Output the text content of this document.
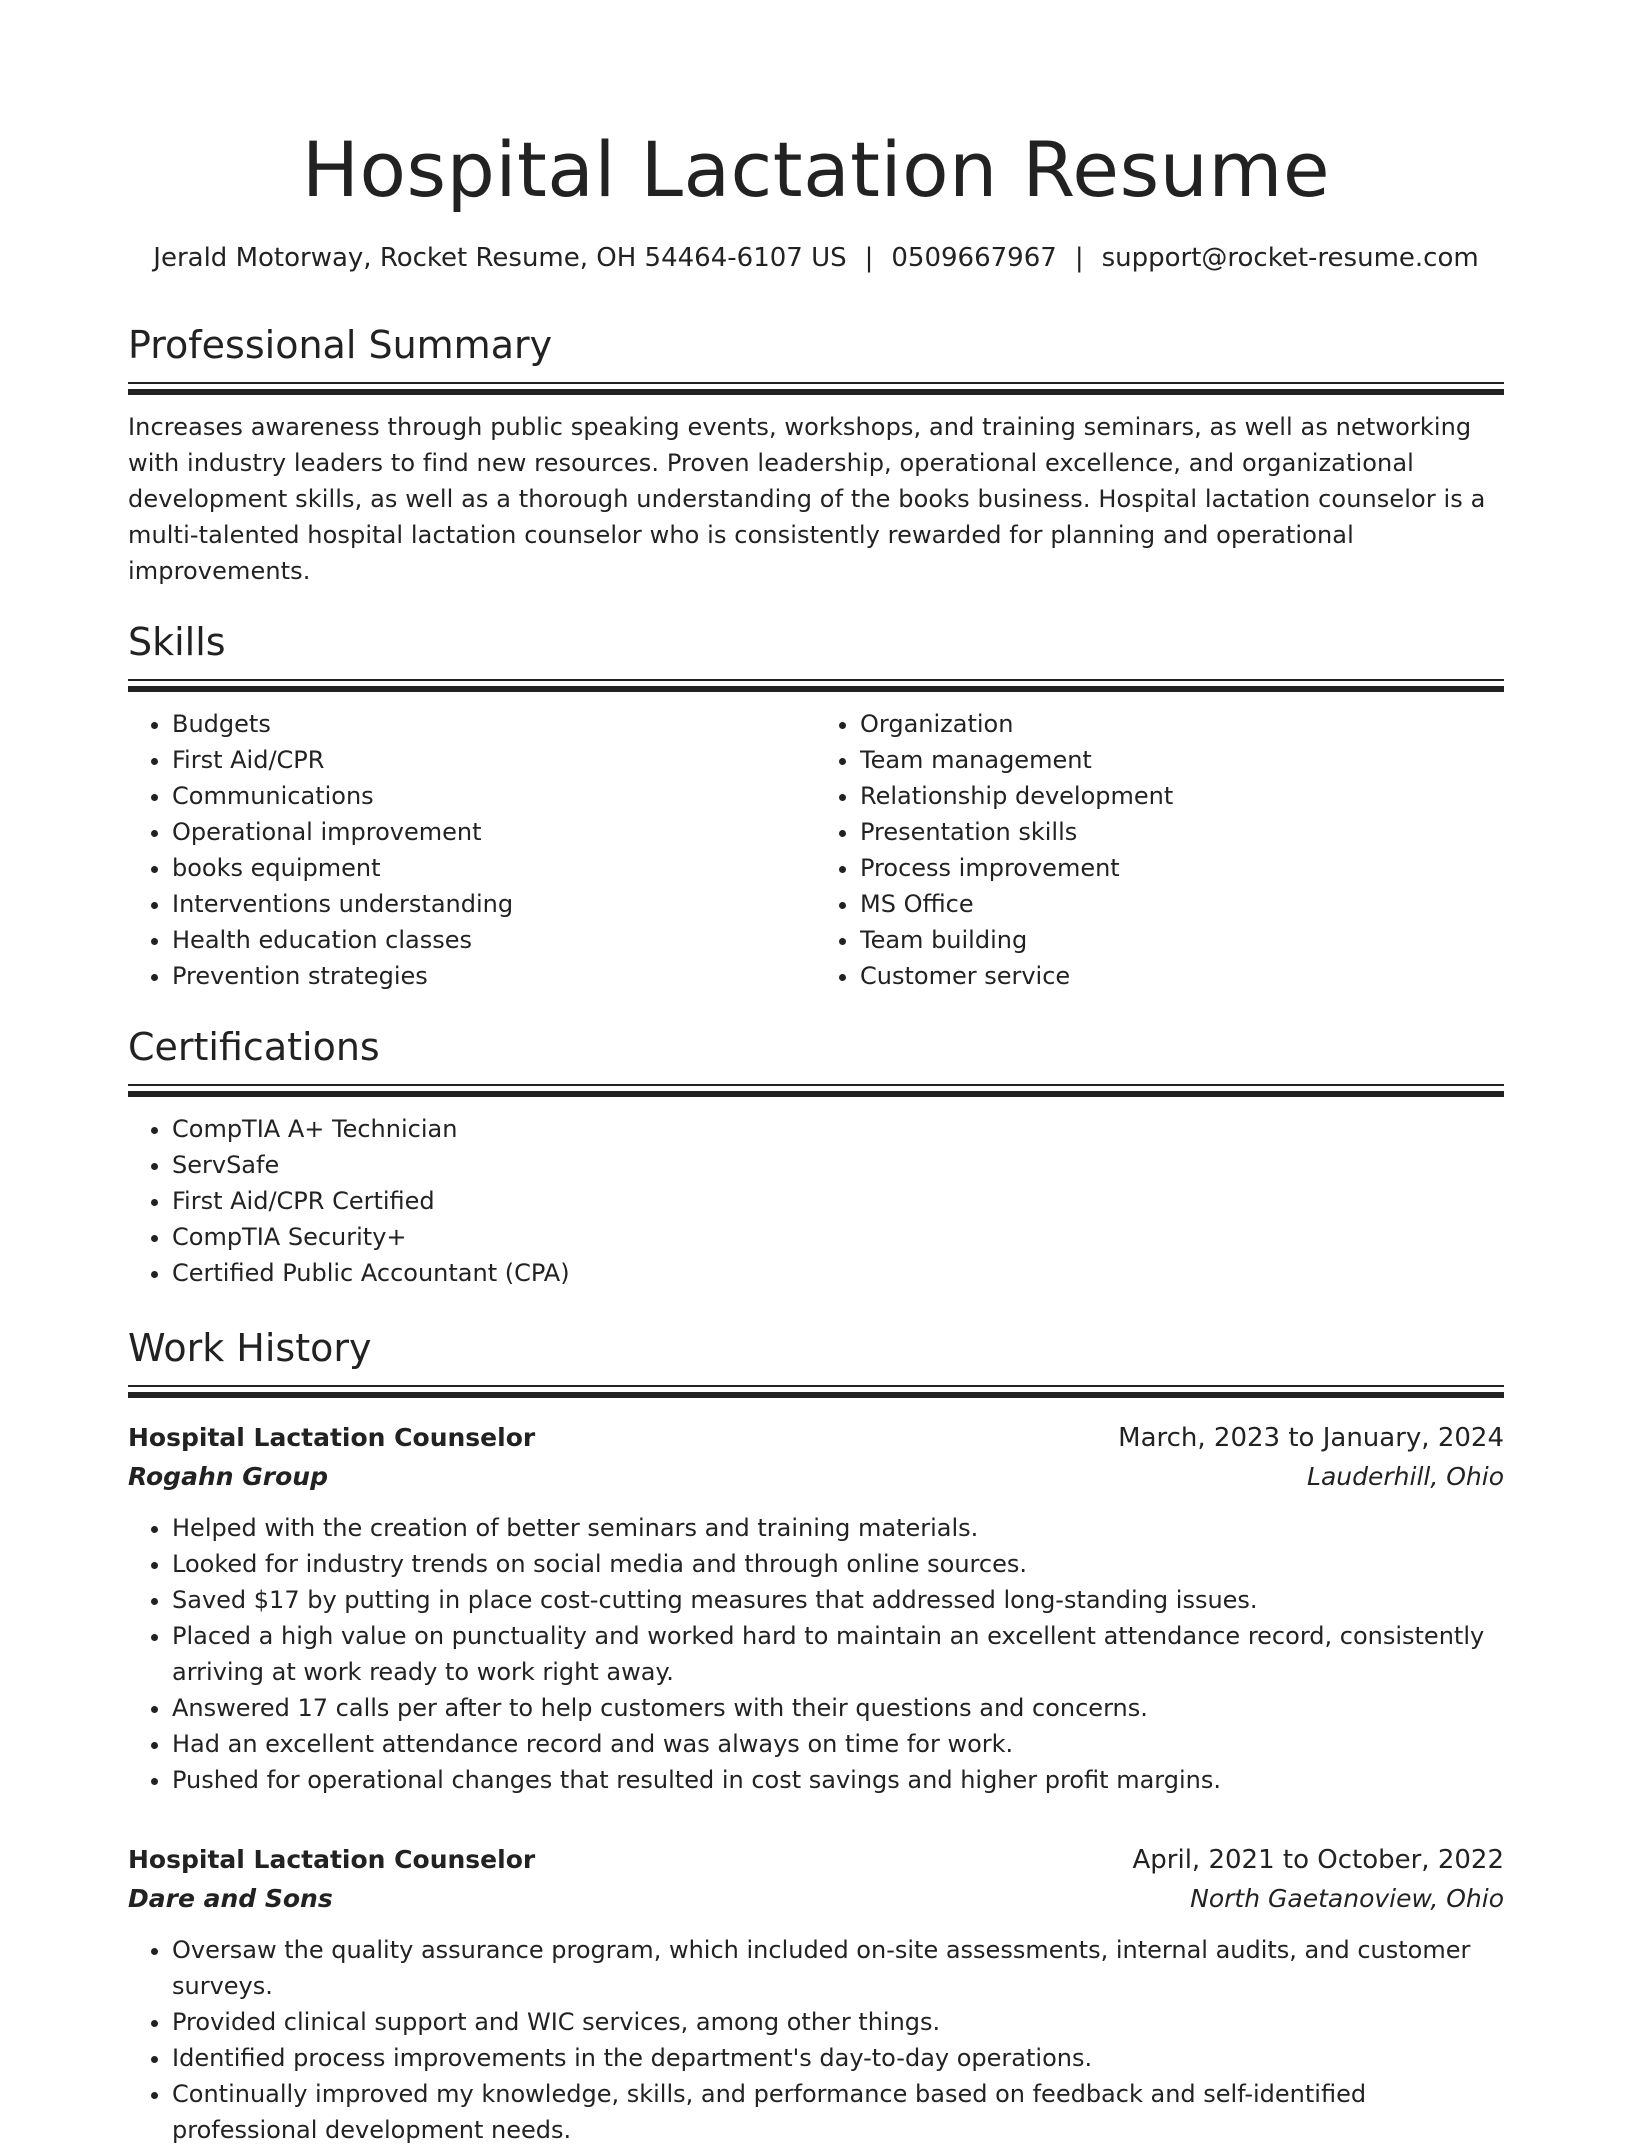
Hospital Lactation Resume
Jerald Motorway, Rocket Resume, OH 54464-6107 US | 0509667967 | support@rocket-resume.com
Professional Summary
Increases awareness through public speaking events, workshops, and training seminars, as well as networking with industry leaders to find new resources. Proven leadership, operational excellence, and organizational development skills, as well as a thorough understanding of the books business. Hospital lactation counselor is a multi-talented hospital lactation counselor who is consistently rewarded for planning and operational improvements.
Skills
• Budgets
• First Aid/CPR
• Communications
• Operational improvement
• books equipment
• Interventions understanding
• Health education classes
• Prevention strategies
• Organization
• Team management
• Relationship development
• Presentation skills
• Process improvement
• MS Office
• Team building
• Customer service
Certifications
• CompTIA A+ Technician
• ServSafe
• First Aid/CPR Certified
• CompTIA Security+
• Certified Public Accountant (CPA)
Work History
Hospital Lactation Counselor	March, 2023 to January, 2024
Rogahn Group	Lauderhill, Ohio
• Helped with the creation of better seminars and training materials.
• Looked for industry trends on social media and through online sources.
• Saved $17 by putting in place cost-cutting measures that addressed long-standing issues.
• Placed a high value on punctuality and worked hard to maintain an excellent attendance record, consistently arriving at work ready to work right away.
• Answered 17 calls per after to help customers with their questions and concerns.
• Had an excellent attendance record and was always on time for work.
• Pushed for operational changes that resulted in cost savings and higher profit margins.
Hospital Lactation Counselor	April, 2021 to October, 2022
Dare and Sons	North Gaetanoview, Ohio
• Oversaw the quality assurance program, which included on-site assessments, internal audits, and customer surveys.
• Provided clinical support and WIC services, among other things.
• Identified process improvements in the department's day-to-day operations.
• Continually improved my knowledge, skills, and performance based on feedback and self-identified professional development needs.
